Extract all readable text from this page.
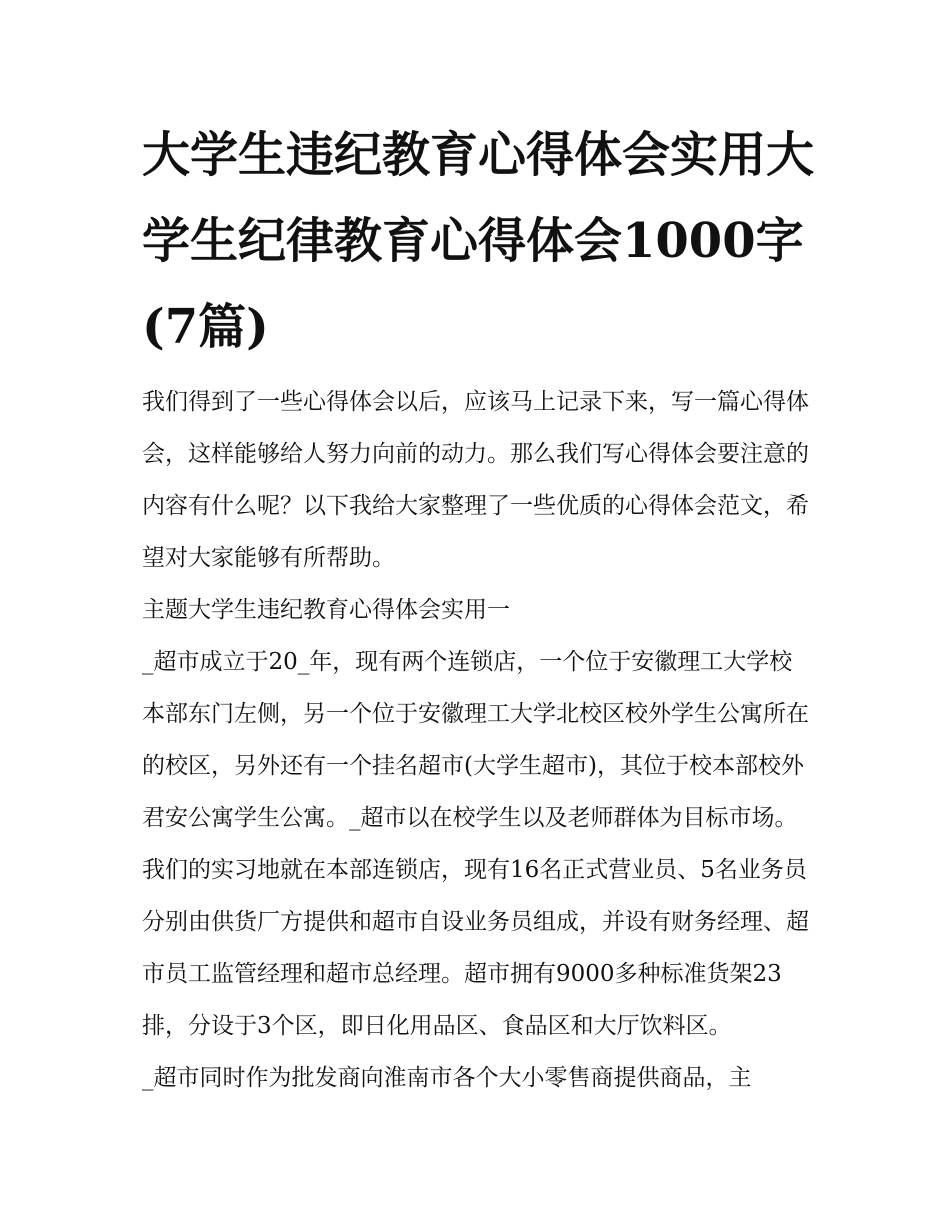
大学生违纪教育心得体会实用大学生纪律教育心得体会1000字(7篇)

我们得到了一些心得体会以后，应该马上记录下来，写一篇心得体会，这样能够给人努力向前的动力。那么我们写心得体会要注意的内容有什么呢？以下我给大家整理了一些优质的心得体会范文，希望对大家能够有所帮助。

主题大学生违纪教育心得体会实用一

_超市成立于20_年，现有两个连锁店，一个位于安徽理工大学校本部东门左侧，另一个位于安徽理工大学北校区校外学生公寓所在的校区，另外还有一个挂名超市(大学生超市)，其位于校本部校外君安公寓学生公寓。_超市以在校学生以及老师群体为目标市场。我们的实习地就在本部连锁店，现有16名正式营业员、5名业务员分别由供货厂方提供和超市自设业务员组成，并设有财务经理、超市员工监管经理和超市总经理。超市拥有9000多种标准货架23排，分设于3个区，即日化用品区、食品区和大厅饮料区。

_超市同时作为批发商向淮南市各个大小零售商提供商品，主
